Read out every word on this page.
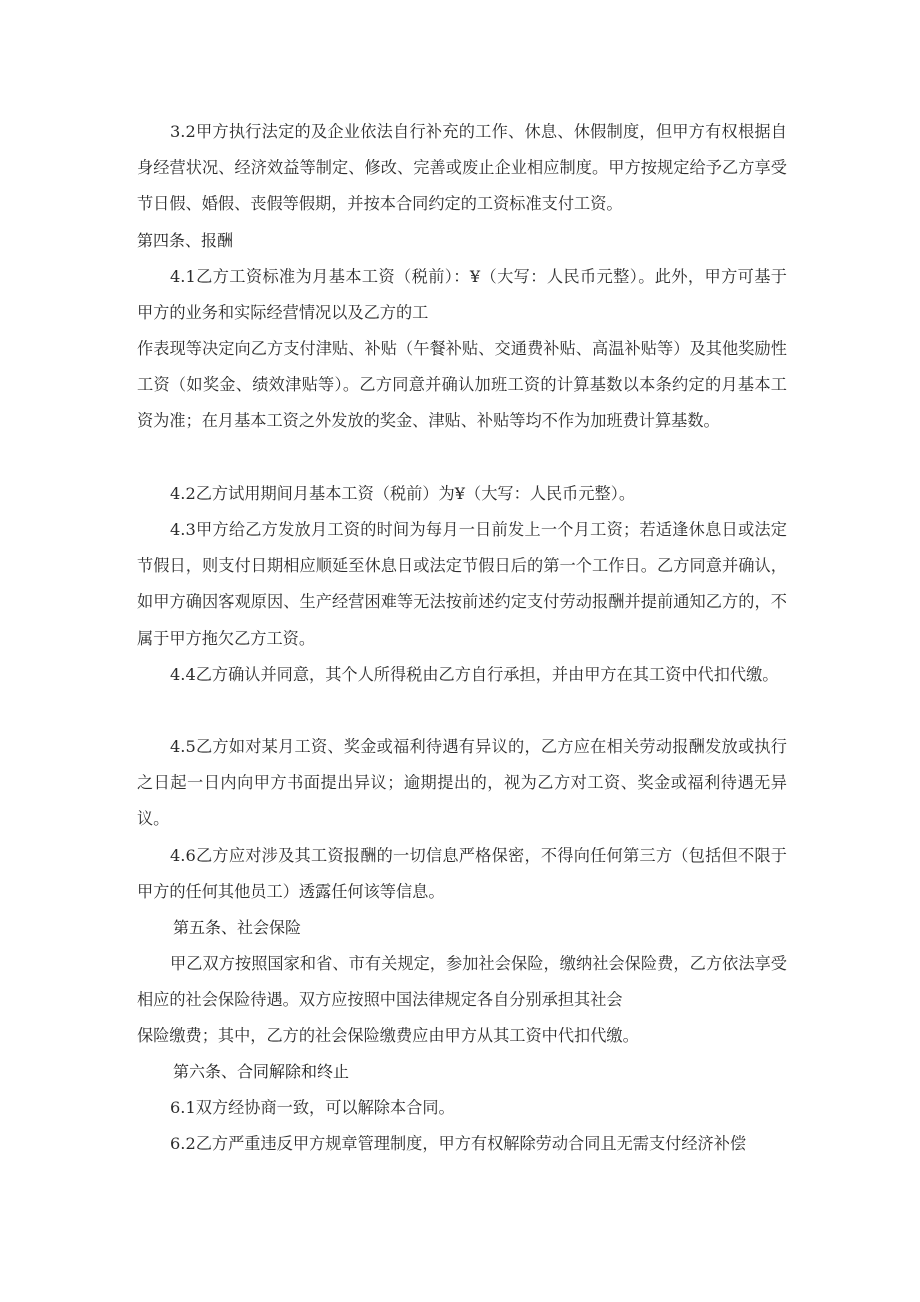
3.2甲方执行法定的及企业依法自行补充的工作、休息、休假制度，但甲方有权根据自身经营状况、经济效益等制定、修改、完善或废止企业相应制度。甲方按规定给予乙方享受节日假、婚假、丧假等假期，并按本合同约定的工资标准支付工资。

第四条、报酬

4.1乙方工资标准为月基本工资（税前）：¥（大写：人民币元整）。此外，甲方可基于甲方的业务和实际经营情况以及乙方的工

作表现等决定向乙方支付津贴、补贴（午餐补贴、交通费补贴、高温补贴等）及其他奖励性工资（如奖金、绩效津贴等）。乙方同意并确认加班工资的计算基数以本条约定的月基本工资为准；在月基本工资之外发放的奖金、津贴、补贴等均不作为加班费计算基数。

4.2乙方试用期间月基本工资（税前）为¥（大写：人民币元整）。

4.3甲方给乙方发放月工资的时间为每月一日前发上一个月工资；若适逢休息日或法定节假日，则支付日期相应顺延至休息日或法定节假日后的第一个工作日。乙方同意并确认，如甲方确因客观原因、生产经营困难等无法按前述约定支付劳动报酬并提前通知乙方的，不属于甲方拖欠乙方工资。

4.4乙方确认并同意，其个人所得税由乙方自行承担，并由甲方在其工资中代扣代缴。

4.5乙方如对某月工资、奖金或福利待遇有异议的，乙方应在相关劳动报酬发放或执行之日起一日内向甲方书面提出异议；逾期提出的，视为乙方对工资、奖金或福利待遇无异议。

4.6乙方应对涉及其工资报酬的一切信息严格保密，不得向任何第三方（包括但不限于甲方的任何其他员工）透露任何该等信息。

第五条、社会保险

甲乙双方按照国家和省、市有关规定，参加社会保险，缴纳社会保险费，乙方依法享受相应的社会保险待遇。双方应按照中国法律规定各自分别承担其社会

保险缴费；其中，乙方的社会保险缴费应由甲方从其工资中代扣代缴。

第六条、合同解除和终止

6.1双方经协商一致，可以解除本合同。

6.2乙方严重违反甲方规章管理制度，甲方有权解除劳动合同且无需支付经济补偿
